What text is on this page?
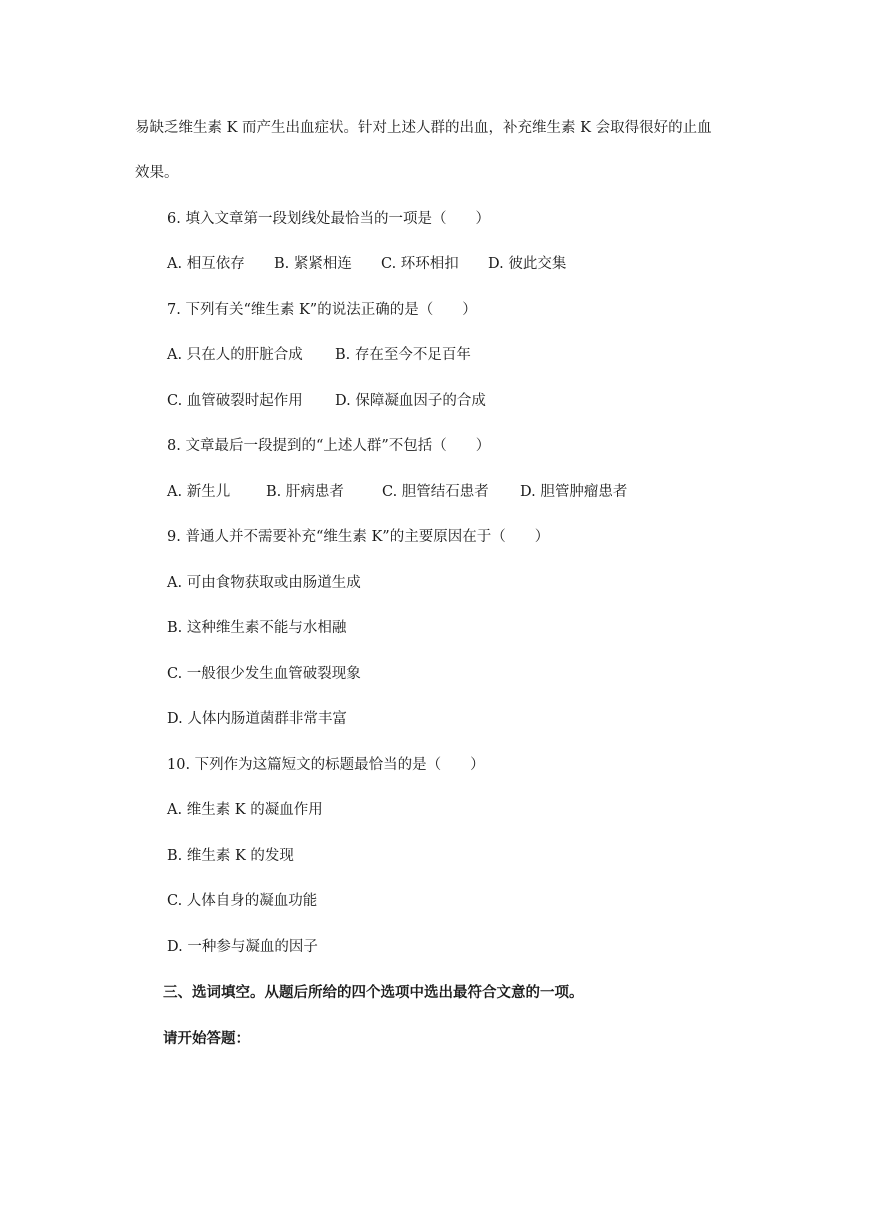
易缺乏维生素 K 而产生出血症状。针对上述人群的出血，补充维生素 K 会取得很好的止血
效果。
6. 填入文章第一段划线处最恰当的一项是（　　）
A. 相互依存 B. 紧紧相连 C. 环环相扣 D. 彼此交集
7. 下列有关“维生素 K”的说法正确的是（　　）
A. 只在人的肝脏合成 B. 存在至今不足百年
C. 血管破裂时起作用 D. 保障凝血因子的合成
8. 文章最后一段提到的“上述人群”不包括（　　）
A. 新生儿 B. 肝病患者	C. 胆管结石患者 D. 胆管肿瘤患者
9. 普通人并不需要补充“维生素 K”的主要原因在于（　　）
A. 可由食物获取或由肠道生成
B. 这种维生素不能与水相融
C. 一般很少发生血管破裂现象
D. 人体内肠道菌群非常丰富
10. 下列作为这篇短文的标题最恰当的是（　　）
A. 维生素 K 的凝血作用
B. 维生素 K 的发现
C. 人体自身的凝血功能
D. 一种参与凝血的因子
三、选词填空。从题后所给的四个选项中选出最符合文意的一项。
请开始答题：
